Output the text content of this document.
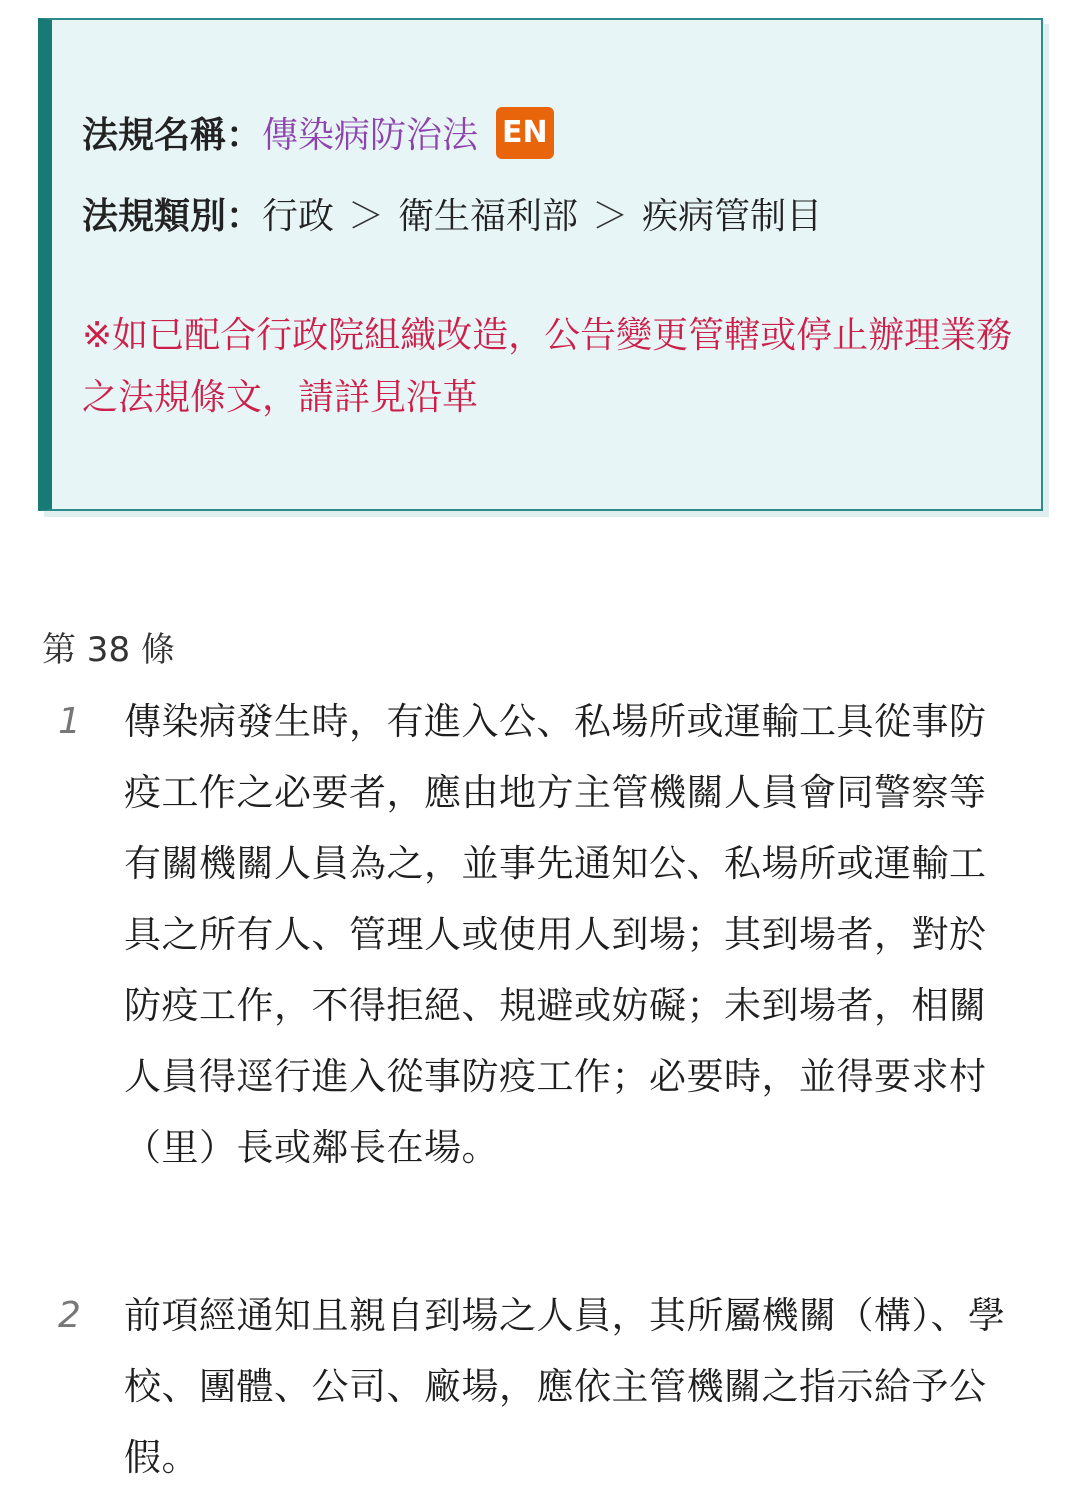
法規名稱：傳染病防治法 EN
法規類別：行政 ＞ 衛生福利部 ＞ 疾病管制目
※如已配合行政院組織改造，公告變更管轄或停止辦理業務之法規條文，請詳見沿革
第 38 條
1 傳染病發生時，有進入公、私場所或運輸工具從事防疫工作之必要者，應由地方主管機關人員會同警察等有關機關人員為之，並事先通知公、私場所或運輸工具之所有人、管理人或使用人到場；其到場者，對於防疫工作，不得拒絕、規避或妨礙；未到場者，相關人員得逕行進入從事防疫工作；必要時，並得要求村（里）長或鄰長在場。
2 前項經通知且親自到場之人員，其所屬機關（構）、學校、團體、公司、廠場，應依主管機關之指示給予公假。
